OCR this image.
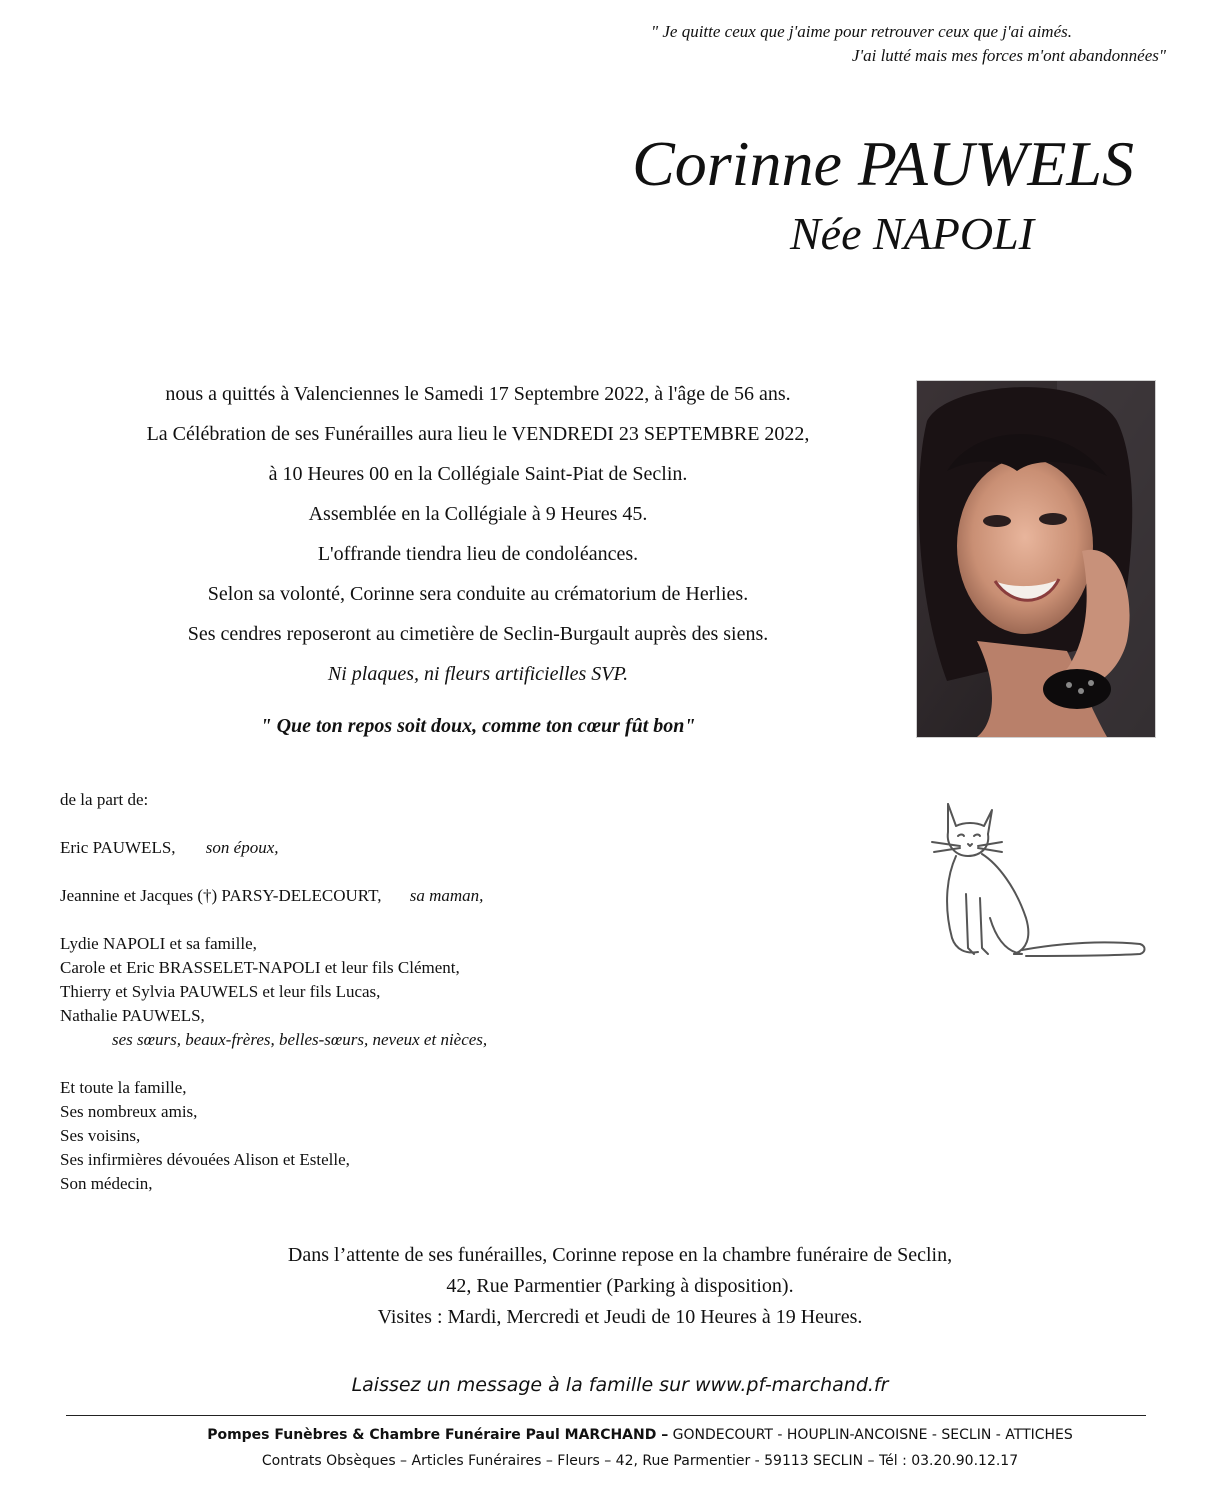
" Je quitte ceux que j'aime pour retrouver ceux que j'ai aimés.
J'ai lutté mais mes forces m'ont abandonnées"
Corinne PAUWELS
Née NAPOLI
nous a quittés à Valenciennes le Samedi 17 Septembre 2022, à l'âge de 56 ans.
La Célébration de ses Funérailles aura lieu le VENDREDI 23 SEPTEMBRE 2022,
à 10 Heures 00 en la Collégiale Saint-Piat de Seclin.
Assemblée en la Collégiale à 9 Heures 45.
L'offrande tiendra lieu de condoléances.
Selon sa volonté, Corinne sera conduite au crématorium de Herlies.
Ses cendres reposeront au cimetière de Seclin-Burgault auprès des siens.
Ni plaques, ni fleurs artificielles SVP.
" Que ton repos soit doux, comme ton cœur fût bon"
de la part de:
Eric PAUWELS, son époux,
Jeannine et Jacques (†) PARSY-DELECOURT, sa maman,
Lydie NAPOLI et sa famille,
Carole et Eric BRASSELET-NAPOLI et leur fils Clément,
Thierry et Sylvia PAUWELS et leur fils Lucas,
Nathalie PAUWELS,
ses sœurs, beaux-frères, belles-sœurs, neveux et nièces,
Et toute la famille,
Ses nombreux amis,
Ses voisins,
Ses infirmières dévouées Alison et Estelle,
Son médecin,
Dans l’attente de ses funérailles, Corinne repose en la chambre funéraire de Seclin,
42, Rue Parmentier (Parking à disposition).
Visites : Mardi, Mercredi et Jeudi de 10 Heures à 19 Heures.
Laissez un message à la famille sur www.pf-marchand.fr
Pompes Funèbres & Chambre Funéraire Paul MARCHAND – GONDECOURT - HOUPLIN-ANCOISNE - SECLIN - ATTICHES
Contrats Obsèques – Articles Funéraires – Fleurs – 42, Rue Parmentier - 59113 SECLIN – Tél : 03.20.90.12.17
